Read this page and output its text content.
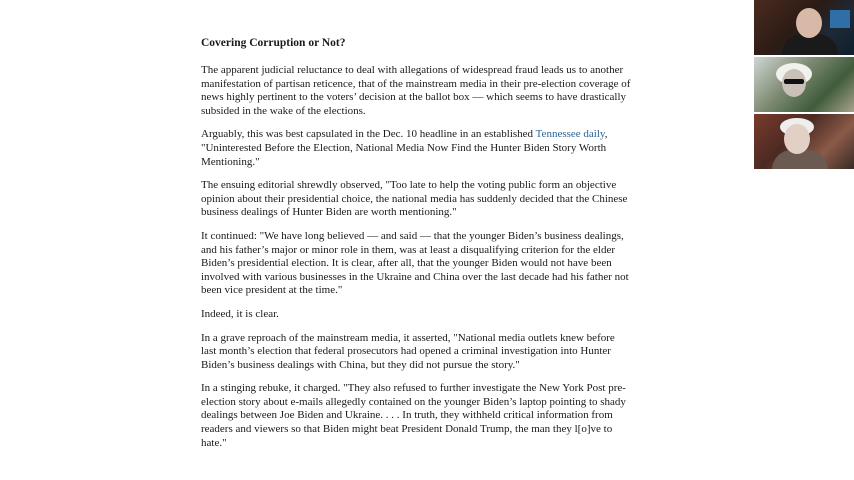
Covering Corruption or Not?

The apparent judicial reluctance to deal with allegations of widespread fraud leads us to another manifestation of partisan reticence, that of the mainstream media in their pre-election coverage of news highly pertinent to the voters’ decision at the ballot box — which seems to have drastically subsided in the wake of the elections.

Arguably, this was best capsulated in the Dec. 10 headline in an established Tennessee daily, "Uninterested Before the Election, National Media Now Find the Hunter Biden Story Worth Mentioning."

The ensuing editorial shrewdly observed, "Too late to help the voting public form an objective opinion about their presidential choice, the national media has suddenly decided that the Chinese business dealings of Hunter Biden are worth mentioning."

It continued: "We have long believed — and said — that the younger Biden’s business dealings, and his father’s major or minor role in them, was at least a disqualifying criterion for the elder Biden’s presidential election. It is clear, after all, that the younger Biden would not have been involved with various businesses in the Ukraine and China over the last decade had his father not been vice president at the time."

Indeed, it is clear.

In a grave reproach of the mainstream media, it asserted, "National media outlets knew before last month’s election that federal prosecutors had opened a criminal investigation into Hunter Biden’s business dealings with China, but they did not pursue the story."

In a stinging rebuke, it charged. "They also refused to further investigate the New York Post pre-election story about e-mails allegedly contained on the younger Biden’s laptop pointing to shady dealings between Joe Biden and Ukraine. . . . In truth, they withheld critical information from readers and viewers so that Biden might beat President Donald Trump, the man they l[o]ve to hate."
